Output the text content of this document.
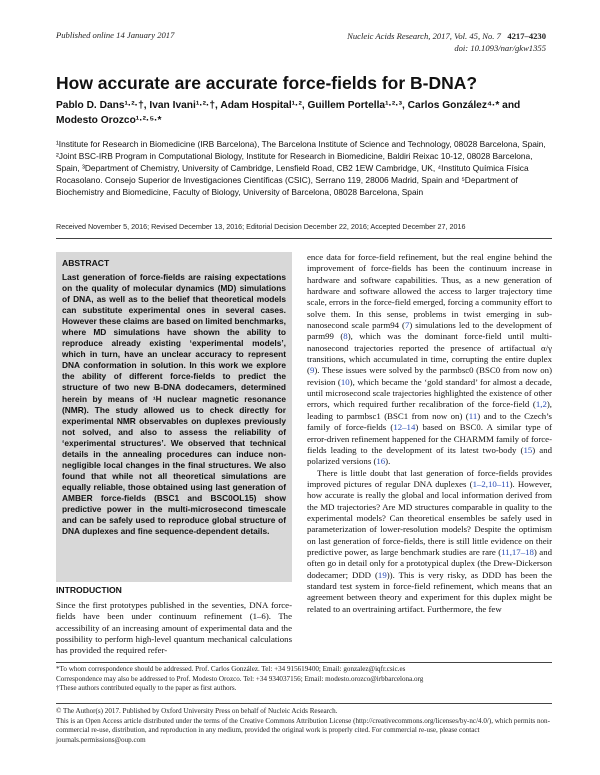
Published online 14 January 2017	Nucleic Acids Research, 2017, Vol. 45, No. 7 4217–4230
doi: 10.1093/nar/gkw1355
How accurate are accurate force-fields for B-DNA?
Pablo D. Dans¹·²·†, Ivan Ivani¹·²·†, Adam Hospital¹·², Guillem Portella¹·²·³, Carlos González⁴·* and Modesto Orozco¹·²·⁵·*
¹Institute for Research in Biomedicine (IRB Barcelona), The Barcelona Institute of Science and Technology, 08028 Barcelona, Spain, ²Joint BSC-IRB Program in Computational Biology, Institute for Research in Biomedicine, Baldiri Reixac 10-12, 08028 Barcelona, Spain, ³Department of Chemistry, University of Cambridge, Lensfield Road, CB2 1EW Cambridge, UK, ⁴Instituto Química Física Rocasolano. Consejo Superior de Investigaciones Científicas (CSIC), Serrano 119, 28006 Madrid, Spain and ⁵Department of Biochemistry and Biomedicine, Faculty of Biology, University of Barcelona, 08028 Barcelona, Spain
Received November 5, 2016; Revised December 13, 2016; Editorial Decision December 22, 2016; Accepted December 27, 2016
ABSTRACT

Last generation of force-fields are raising expectations on the quality of molecular dynamics (MD) simulations of DNA, as well as to the belief that theoretical models can substitute experimental ones in several cases. However these claims are based on limited benchmarks, where MD simulations have shown the ability to reproduce already existing ‘experimental models’, which in turn, have an unclear accuracy to represent DNA conformation in solution. In this work we explore the ability of different force-fields to predict the structure of two new B-DNA dodecamers, determined herein by means of ¹H nuclear magnetic resonance (NMR). The study allowed us to check directly for experimental NMR observables on duplexes previously not solved, and also to assess the reliability of ‘experimental structures’. We observed that technical details in the annealing procedures can induce non-negligible local changes in the final structures. We also found that while not all theoretical simulations are equally reliable, those obtained using last generation of AMBER force-fields (BSC1 and BSC0OL15) show predictive power in the multi-microsecond timescale and can be safely used to reproduce global structure of DNA duplexes and fine sequence-dependent details.

INTRODUCTION

Since the first prototypes published in the seventies, DNA force-fields have been under continuum refinement (1–6). The accessibility of an increasing amount of experimental data and the possibility to perform high-level quantum mechanical calculations has provided the required refer-

ence data for force-field refinement, but the real engine behind the improvement of force-fields has been the continuum increase in hardware and software capabilities. Thus, as a new generation of hardware and software allowed the access to larger trajectory time scale, errors in the force-field emerged, forcing a community effort to solve them. In this sense, problems in twist emerging in sub-nanosecond scale parm94 (7) simulations led to the development of parm99 (8), which was the dominant force-field until multi-nanosecond trajectories reported the presence of artifactual α/γ transitions, which accumulated in time, corrupting the entire duplex (9). These issues were solved by the parmbsc0 (BSC0 from now on) revision (10), which became the ‘gold standard’ for almost a decade, until microsecond scale trajectories highlighted the existence of other errors, which required further recalibration of the force-field (1,2), leading to parmbsc1 (BSC1 from now on) (11) and to the Czech’s family of force-fields (12–14) based on BSC0. A similar type of error-driven refinement happened for the CHARMM family of force-fields leading to the development of its latest two-body (15) and polarized versions (16).

There is little doubt that last generation of force-fields provides improved pictures of regular DNA duplexes (1–2,10–11). However, how accurate is really the global and local information derived from the MD trajectories? Are MD structures comparable in quality to the experimental models? Can theoretical ensembles be safely used in parameterization of lower-resolution models? Despite the optimism on last generation of force-fields, there is still little evidence on their predictive power, as large benchmark studies are rare (11,17–18) and often go in detail only for a prototypical duplex (the Drew-Dickerson dodecamer; DDD (19)). This is very risky, as DDD has been the standard test system in force-field refinement, which means that an agreement between theory and experiment for this duplex might be related to an overtraining artifact. Furthermore, the few

*To whom correspondence should be addressed. Prof. Carlos González. Tel: +34 915619400; Email: gonzalez@iqfr.csic.es

Correspondence may also be addressed to Prof. Modesto Orozco. Tel: +34 934037156; Email: modesto.orozco@irbbarcelona.org

†These authors contributed equally to the paper as first authors.

© The Author(s) 2017. Published by Oxford University Press on behalf of Nucleic Acids Research.

This is an Open Access article distributed under the terms of the Creative Commons Attribution License (http://creativecommons.org/licenses/by-nc/4.0/), which permits non-commercial re-use, distribution, and reproduction in any medium, provided the original work is properly cited. For commercial re-use, please contact journals.permissions@oup.com
